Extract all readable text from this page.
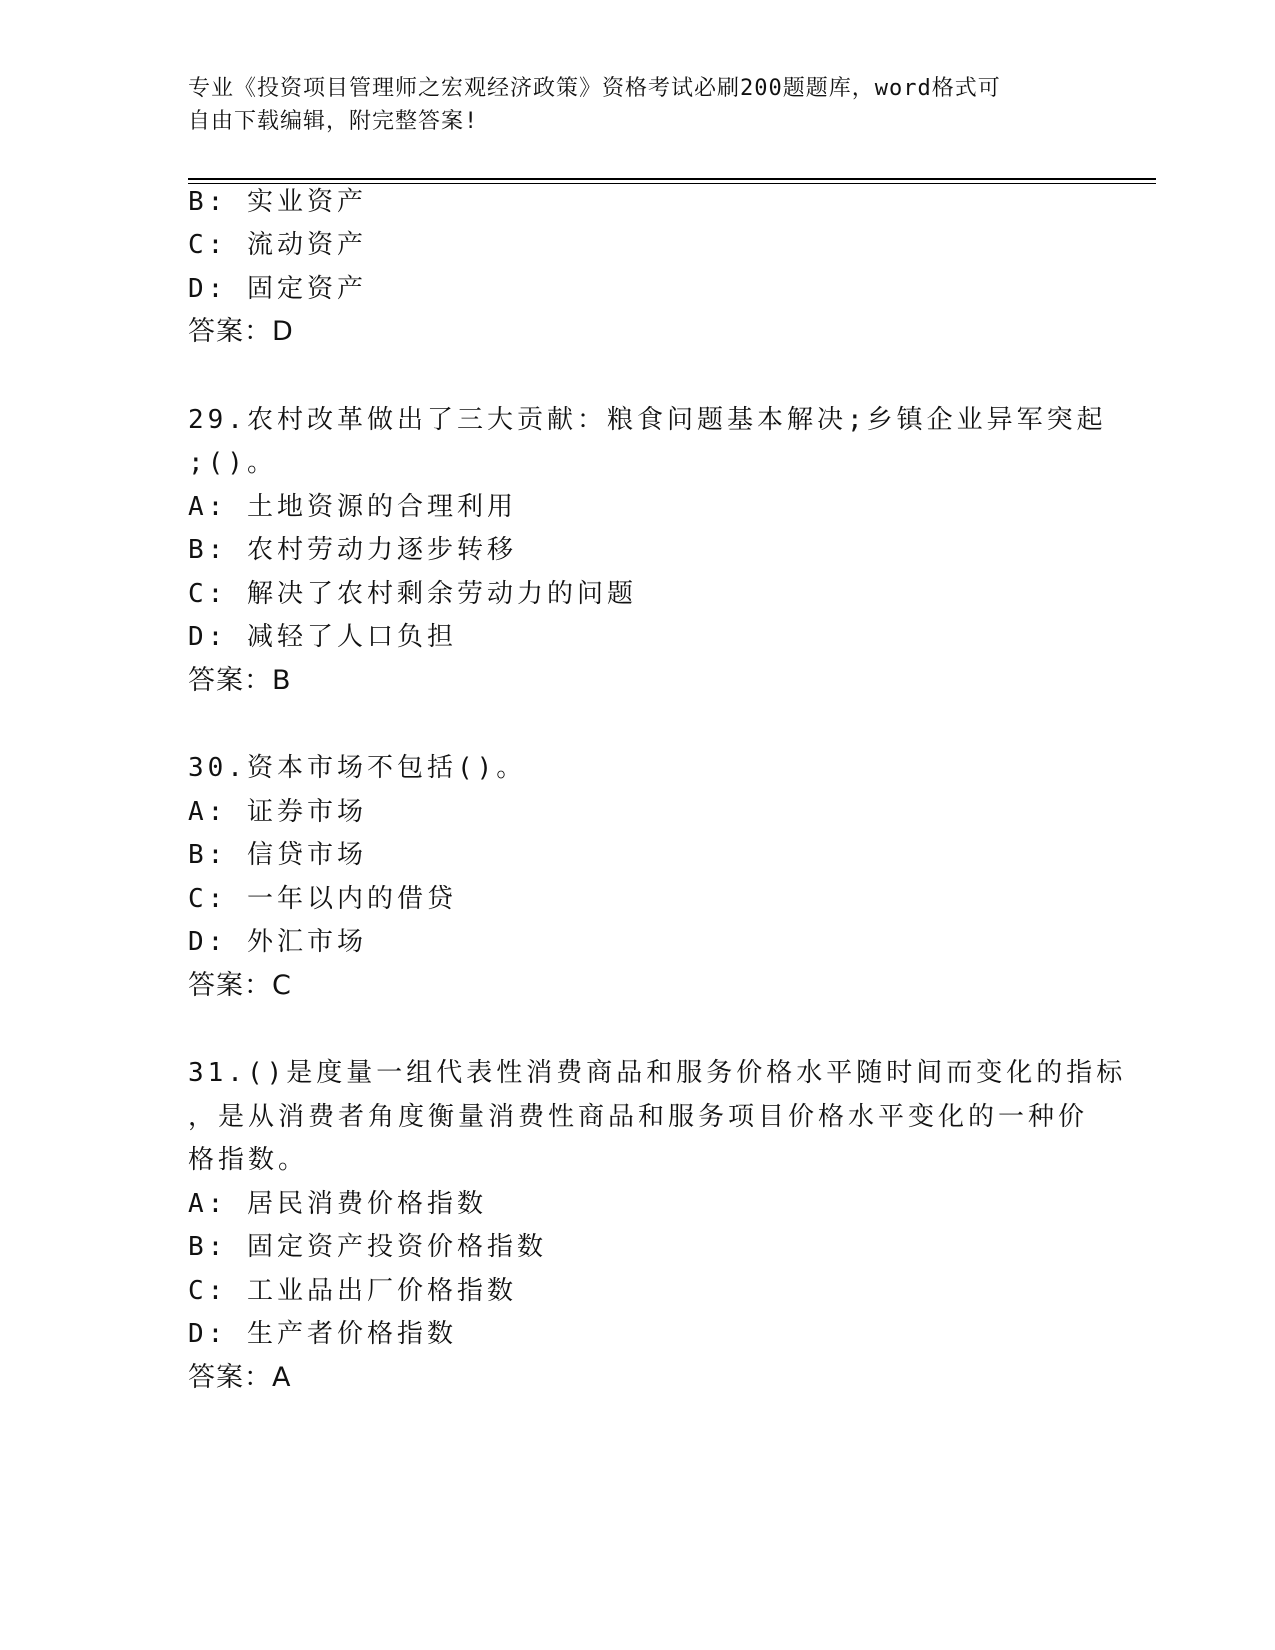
专业《投资项目管理师之宏观经济政策》资格考试必刷200题题库，word格式可
自由下载编辑，附完整答案!
B: 实业资产
C: 流动资产
D: 固定资产
答案：D
29.农村改革做出了三大贡献：粮食问题基本解决;乡镇企业异军突起
;()。
A: 土地资源的合理利用
B: 农村劳动力逐步转移
C: 解决了农村剩余劳动力的问题
D: 减轻了人口负担
答案：B
30.资本市场不包括()。
A: 证券市场
B: 信贷市场
C: 一年以内的借贷
D: 外汇市场
答案：C
31.()是度量一组代表性消费商品和服务价格水平随时间而变化的指标
，是从消费者角度衡量消费性商品和服务项目价格水平变化的一种价
格指数。
A: 居民消费价格指数
B: 固定资产投资价格指数
C: 工业品出厂价格指数
D: 生产者价格指数
答案：A
